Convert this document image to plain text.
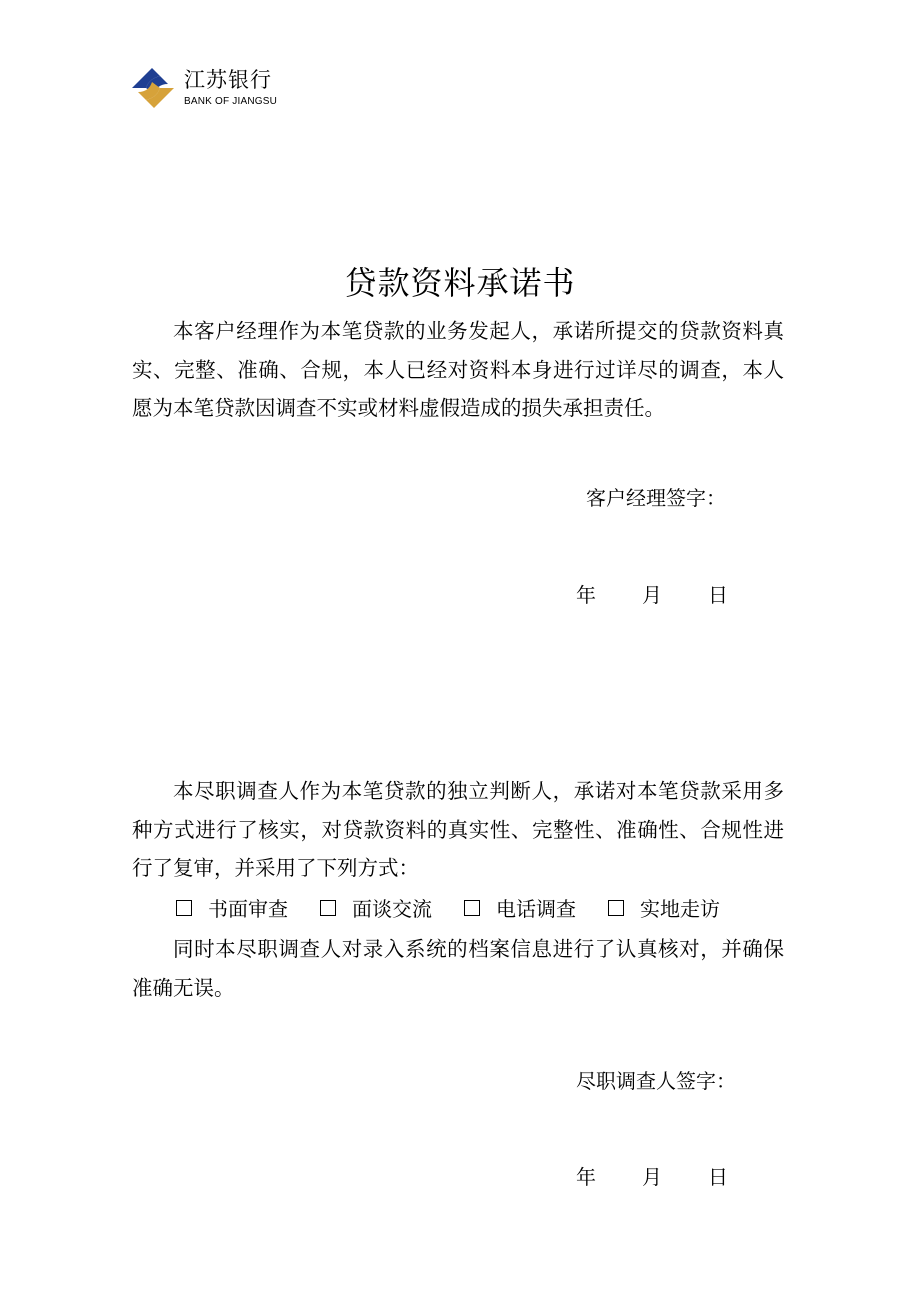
江苏银行
BANK OF JIANGSU
贷款资料承诺书

本客户经理作为本笔贷款的业务发起人，承诺所提交的贷款资料真实、完整、准确、合规，本人已经对资料本身进行过详尽的调查，本人愿为本笔贷款因调查不实或材料虚假造成的损失承担责任。

客户经理签字：
年	月	日

本尽职调查人作为本笔贷款的独立判断人，承诺对本笔贷款采用多种方式进行了核实，对贷款资料的真实性、完整性、准确性、合规性进行了复审，并采用了下列方式：

书面审查	面谈交流	电话调查	实地走访

同时本尽职调查人对录入系统的档案信息进行了认真核对，并确保准确无误。

尽职调查人签字：
年	月	日
